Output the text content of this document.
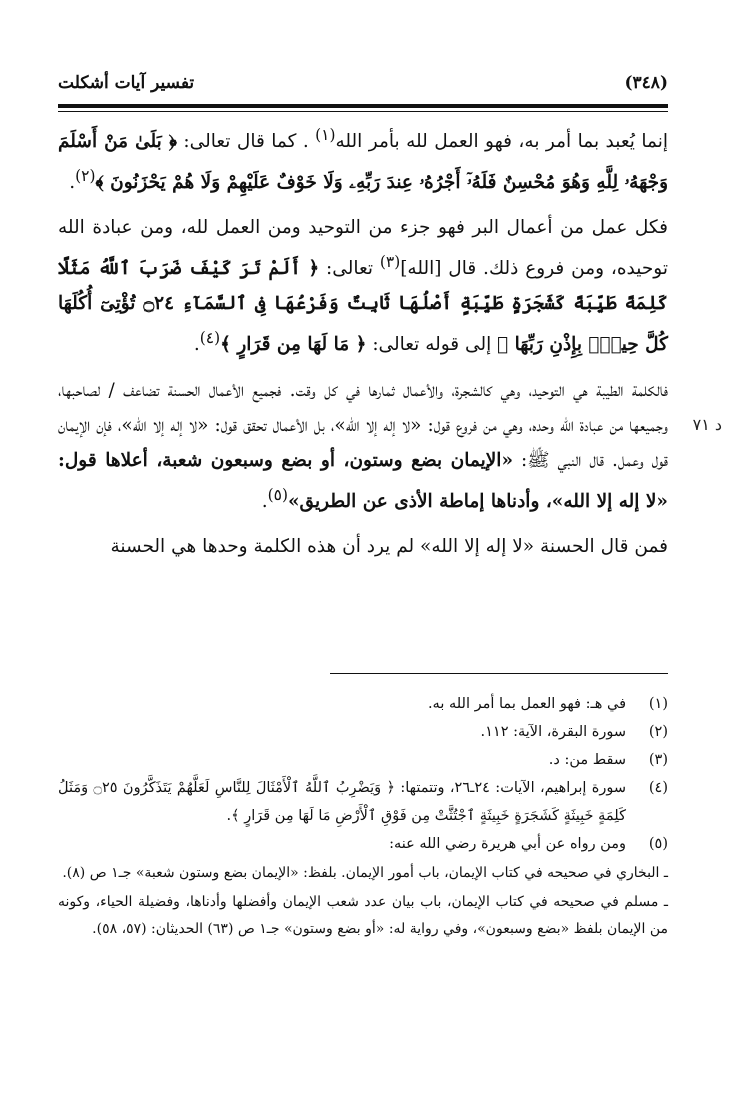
(٣٤٨)
تفسير آيات أشكلت

إنما يُعبد بما أمر به، فهو العمل لله بأمر الله$^{(١)}$ . كما قال تعالى: ﴿ بَلَىٰ مَنْ أَسْلَمَ وَجْهَهُۥ لِلَّهِ وَهُوَ مُحْسِنٌ فَلَهُۥٓ أَجْرُهُۥ عِندَ رَبِّهِۦ وَلَا خَوْفٌ عَلَيْهِمْ وَلَا هُمْ يَحْزَنُونَ ﴾$^{(٢)}$.

فكل عمل من أعمال البر فهو جزء من التوحيد ومن العمل لله، ومن عبادة الله توحيده، ومن فروع ذلك. قال [الله]$^{(٣)}$ تعالى: ﴿ أَلَمْ تَرَ كَيْفَ ضَرَبَ ٱللَّهُ مَثَلًا كَلِمَةً طَيِّبَةً كَشَجَرَةٍ طَيِّبَةٍ أَصْلُهَا ثَابِتٌ وَفَرْعُهَا فِى ٱلسَّمَآءِ ۝٢٤ تُؤْتِىٓ أُكُلَهَا كُلَّ حِينٍۭ بِإِذْنِ رَبِّهَا ﴾ إلى قوله تعالى: ﴿ مَا لَهَا مِن قَرَارٍ ﴾$^{(٤)}$.

فالكلمة الطيبة هي التوحيد، وهي كالشجرة، والأعمال ثمارها في كل وقت. فجميع الأعمال الحسنة تضاعف / لصاحبها، وجميعها من عبادة الله وحده، وهي من فروع قول: «لا إله إلا الله»، بل الأعمال تحقق قول: «لا إله إلا الله»، فإن الإيمان قول وعمل. قال النبي ﷺ: «الإيمان بضع وستون، أو بضع وسبعون شعبة، أعلاها قول: «لا إله إلا الله»، وأدناها إماطة الأذى عن الطريق»$^{(٥)}$.

فمن قال الحسنة «لا إله إلا الله» لم يرد أن هذه الكلمة وحدها هي الحسنة

د ٧١
(١)
في هـ: فهو العمل بما أمر الله به.
(٢)
سورة البقرة، الآية: ١١٢.
(٣)
سقط من: د.
(٤)
سورة إبراهيم، الآيات: ٢٤ـ٢٦، وتتمتها: ﴿ وَيَضْرِبُ ٱللَّهُ ٱلْأَمْثَالَ لِلنَّاسِ لَعَلَّهُمْ يَتَذَكَّرُونَ ۝٢٥ وَمَثَلُ كَلِمَةٍ خَبِيثَةٍ كَشَجَرَةٍ خَبِيثَةٍ ٱجْتُثَّتْ مِن فَوْقِ ٱلْأَرْضِ مَا لَهَا مِن قَرَارٍ ﴾.
(٥)
ومن رواه عن أبي هريرة رضي الله عنه:
ـ البخاري في صحيحه في كتاب الإيمان، باب أمور الإيمان. بلفظ: «الإيمان بضع وستون شعبة» جـ١ ص (٨).
ـ مسلم في صحيحه في كتاب الإيمان، باب بيان عدد شعب الإيمان وأفضلها وأدناها، وفضيلة الحياء، وكونه من الإيمان بلفظ «بضع وسبعون»، وفي رواية له: «أو بضع وستون» جـ١ ص (٦٣) الحديثان: (٥٧، ٥٨).
